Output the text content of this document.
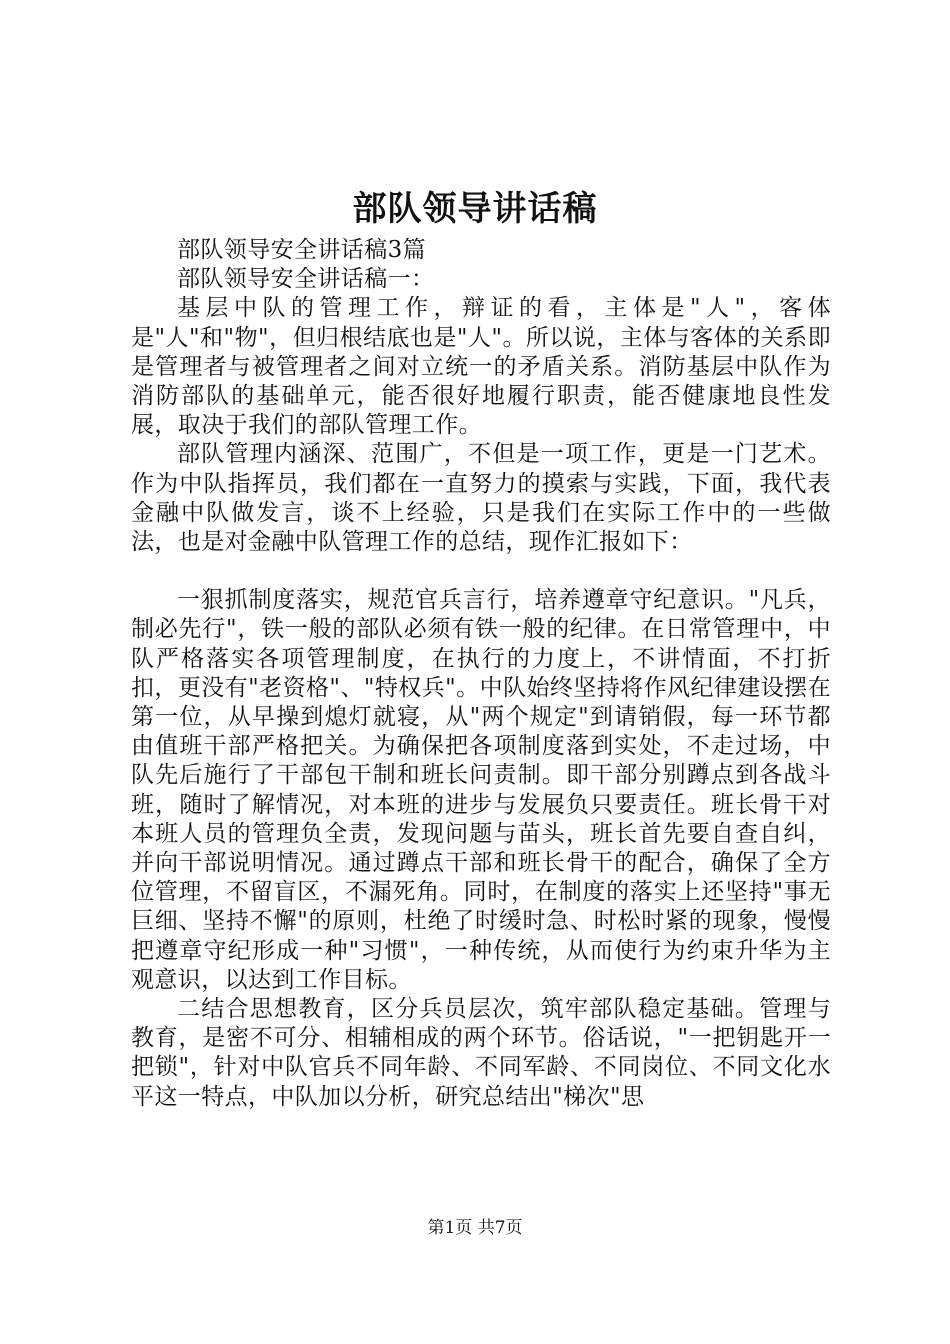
部队领导讲话稿

部队领导安全讲话稿3篇

部队领导安全讲话稿一：

基层中队的管理工作，辩证的看，主体是"人"，客体是"人"和"物"，但归根结底也是"人"。所以说，主体与客体的关系即是管理者与被管理者之间对立统一的矛盾关系。消防基层中队作为消防部队的基础单元，能否很好地履行职责，能否健康地良性发展，取决于我们的部队管理工作。

部队管理内涵深、范围广，不但是一项工作，更是一门艺术。作为中队指挥员，我们都在一直努力的摸索与实践，下面，我代表金融中队做发言，谈不上经验，只是我们在实际工作中的一些做法，也是对金融中队管理工作的总结，现作汇报如下：

一狠抓制度落实，规范官兵言行，培养遵章守纪意识。"凡兵，制必先行"，铁一般的部队必须有铁一般的纪律。在日常管理中，中队严格落实各项管理制度，在执行的力度上，不讲情面，不打折扣，更没有"老资格"、"特权兵"。中队始终坚持将作风纪律建设摆在第一位，从早操到熄灯就寝，从"两个规定"到请销假，每一环节都由值班干部严格把关。为确保把各项制度落到实处，不走过场，中队先后施行了干部包干制和班长问责制。即干部分别蹲点到各战斗班，随时了解情况，对本班的进步与发展负只要责任。班长骨干对本班人员的管理负全责，发现问题与苗头，班长首先要自查自纠，并向干部说明情况。通过蹲点干部和班长骨干的配合，确保了全方位管理，不留盲区，不漏死角。同时，在制度的落实上还坚持"事无巨细、坚持不懈"的原则，杜绝了时缓时急、时松时紧的现象，慢慢把遵章守纪形成一种"习惯"，一种传统，从而使行为约束升华为主观意识，以达到工作目标。

二结合思想教育，区分兵员层次，筑牢部队稳定基础。管理与教育，是密不可分、相辅相成的两个环节。俗话说，"一把钥匙开一把锁"，针对中队官兵不同年龄、不同军龄、不同岗位、不同文化水平这一特点，中队加以分析，研究总结出"梯次"思

第1页 共7页
